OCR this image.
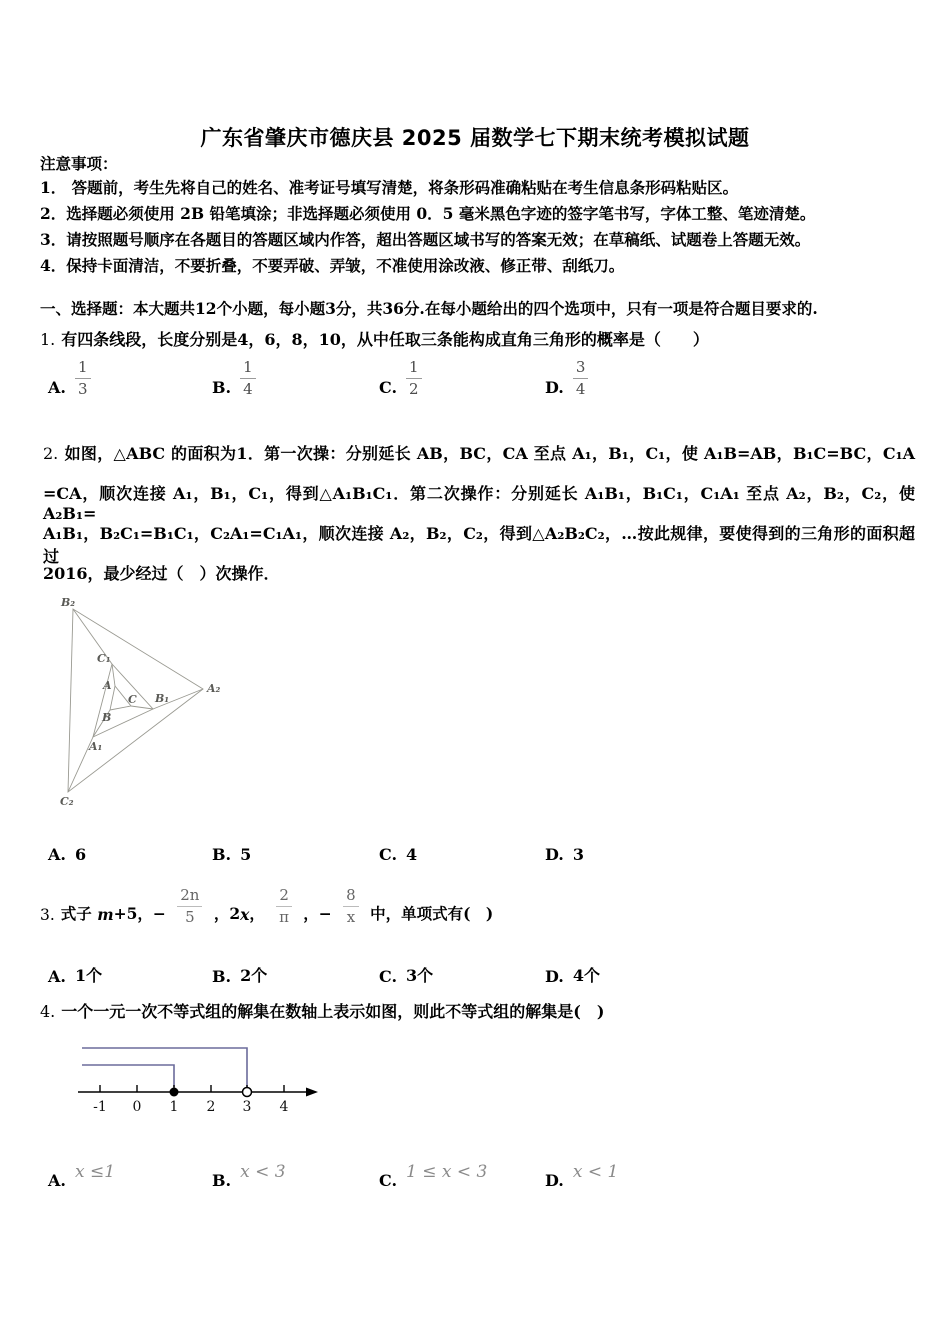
广东省肇庆市德庆县 2025 届数学七下期末统考模拟试题
注意事项：
1． 答题前，考生先将自己的姓名、准考证号填写清楚，将条形码准确粘贴在考生信息条形码粘贴区。
2．选择题必须使用 2B 铅笔填涂；非选择题必须使用 0．5 毫米黑色字迹的签字笔书写，字体工整、笔迹清楚。
3．请按照题号顺序在各题目的答题区域内作答，超出答题区域书写的答案无效；在草稿纸、试题卷上答题无效。
4．保持卡面清洁，不要折叠，不要弄破、弄皱，不准使用涂改液、修正带、刮纸刀。
一、选择题：本大题共12个小题，每小题3分，共36分.在每小题给出的四个选项中，只有一项是符合题目要求的.
1. 有四条线段，长度分别是4，6，8，10，从中任取三条能构成直角三角形的概率是（　　）
A. $\frac{1}{3}$	B. $\frac{1}{4}$	C. $\frac{1}{2}$	D. $\frac{3}{4}$
2. 如图，△ABC 的面积为1．第一次操：分别延长 AB，BC，CA 至点 A₁，B₁，C₁，使 A₁B=AB，B₁C=BC，C₁A
=CA，顺次连接 A₁，B₁，C₁，得到△A₁B₁C₁．第二次操作：分别延长 A₁B₁，B₁C₁，C₁A₁ 至点 A₂，B₂，C₂，使 A₂B₁=
A₁B₁，B₂C₁=B₁C₁，C₂A₁=C₁A₁，顺次连接 A₂，B₂，C₂，得到△A₂B₂C₂，…按此规律，要使得到的三角形的面积超过
2016，最少经过（　）次操作．
B₂
C₁
A
C B₁
A₂
B
A₁
C₂
A. 6	B. 5	C. 4	D. 3
3. 式子 m +5，− $\frac{2n}{5}$ ，2 x ， $\frac{2}{\pi}$ ，− $\frac{8}{x}$ 中，单项式有(　)
A. 1个	B. 2个	C. 3个	D. 4个
4. 一个一元一次不等式组的解集在数轴上表示如图，则此不等式组的解集是(　)
-1 0 1 2 3 4
A. x ≤1	B. x < 3	C. 1 ≤ x < 3	D. x < 1
